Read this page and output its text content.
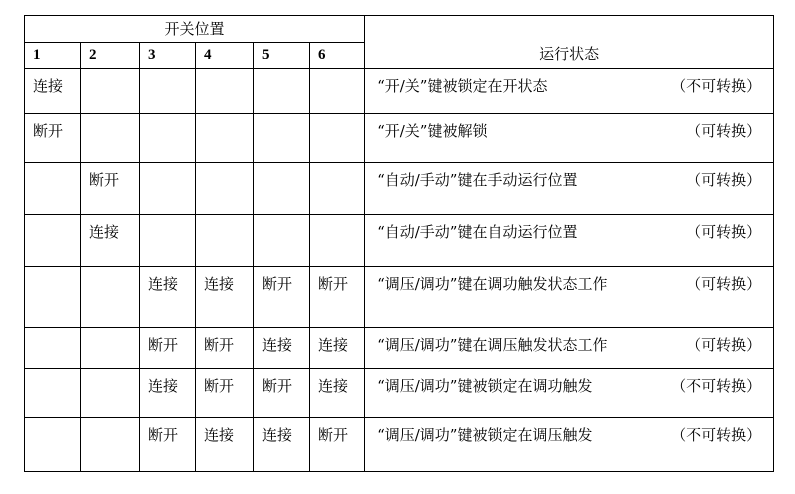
开关位置						运行状态
1	2	3	4	5	6	
连接						“开/关”键被锁定在开状态 （不可转换）

断开						“开/关”键被解锁 （可转换）

	断开					“自动/手动”键在手动运行位置 （可转换）

	连接					“自动/手动”键在自动运行位置 （可转换）

		连接	连接	断开	断开	“调压/调功”键在调功触发状态工作 （可转换）

		断开	断开	连接	连接	“调压/调功”键在调压触发状态工作 （可转换）

		连接	断开	断开	连接	“调压/调功”键被锁定在调功触发 （不可转换）

		断开	连接	连接	断开	“调压/调功”键被锁定在调压触发 （不可转换）
